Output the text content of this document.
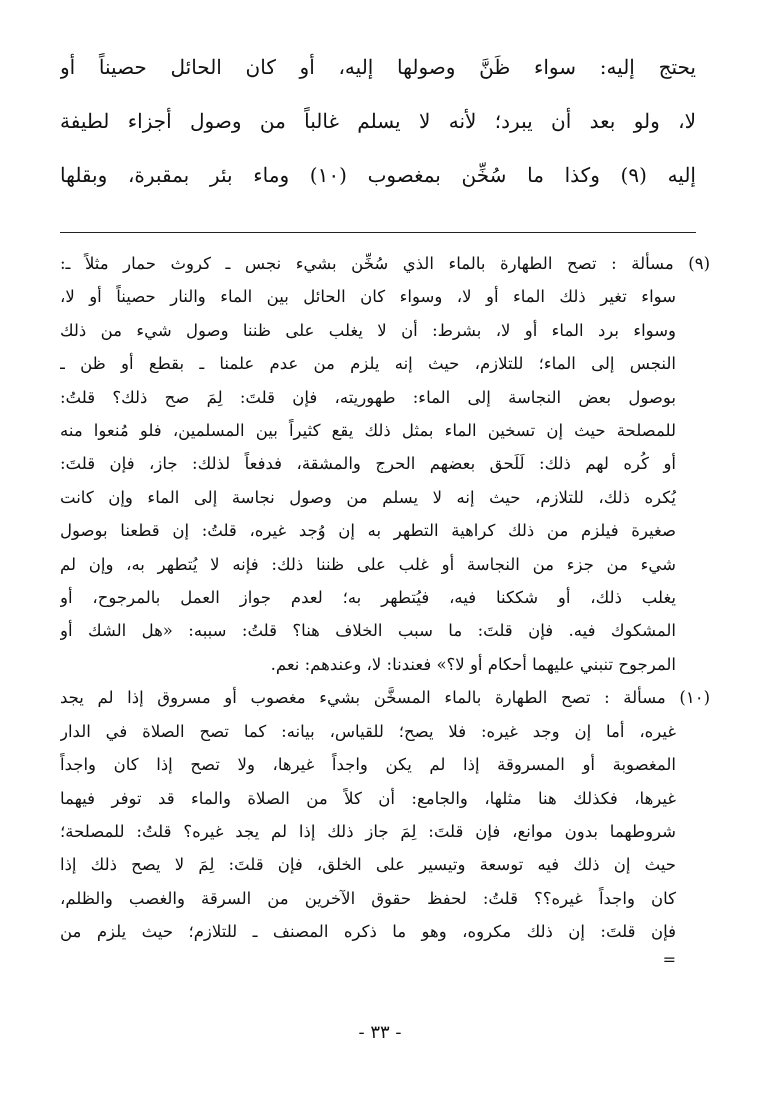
يحتج إليه: سواء ظَنَّ وصولها إليه، أو كان الحائل حصيناً أو
لا، ولو بعد أن يبرد؛ لأنه لا يسلم غالباً من وصول أجزاء لطيفة
إليه (٩) وكذا ما سُخِّن بمغصوب (١٠) وماء بئر بمقبرة، وبقلها
(٩) مسألة : تصح الطهارة بالماء الذي سُخِّن بشيء نجس ـ كروث حمار مثلاً ـ:
سواء تغير ذلك الماء أو لا، وسواء كان الحائل بين الماء والنار حصيناً أو لا،
وسواء برد الماء أو لا، بشرط: أن لا يغلب على ظننا وصول شيء من ذلك
النجس إلى الماء؛ للتلازم، حيث إنه يلزم من عدم علمنا ـ بقطع أو ظن ـ
بوصول بعض النجاسة إلى الماء: طهوريته، فإن قلتَ: لِمَ صح ذلك؟ قلتُ:
للمصلحة حيث إن تسخين الماء بمثل ذلك يقع كثيراً بين المسلمين، فلو مُنعوا منه
أو كُره لهم ذلك: لَلَحق بعضهم الحرج والمشقة، فدفعاً لذلك: جاز، فإن قلتَ:
يُكره ذلك، للتلازم، حيث إنه لا يسلم من وصول نجاسة إلى الماء وإن كانت
صغيرة فيلزم من ذلك كراهية التطهر به إن وُجد غيره، قلتُ: إن قطعنا بوصول
شيء من جزء من النجاسة أو غلب على ظننا ذلك: فإنه لا يُتطهر به، وإن لم
يغلب ذلك، أو شككنا فيه، فيُتطهر به؛ لعدم جواز العمل بالمرجوح، أو
المشكوك فيه. فإن قلتَ: ما سبب الخلاف هنا؟ قلتُ: سببه: «هل الشك أو
المرجوح تنبني عليهما أحكام أو لا؟» فعندنا: لا، وعندهم: نعم.
(١٠) مسألة : تصح الطهارة بالماء المسخَّن بشيء مغصوب أو مسروق إذا لم يجد
غيره، أما إن وجد غيره: فلا يصح؛ للقياس، بيانه: كما تصح الصلاة في الدار
المغصوبة أو المسروقة إذا لم يكن واجداً غيرها، ولا تصح إذا كان واجداً
غيرها، فكذلك هنا مثلها، والجامع: أن كلاً من الصلاة والماء قد توفر فيهما
شروطهما بدون موانع، فإن قلتَ: لِمَ جاز ذلك إذا لم يجد غيره؟ قلتُ: للمصلحة؛
حيث إن ذلك فيه توسعة وتيسير على الخلق، فإن قلتَ: لِمَ لا يصح ذلك إذا
كان واجداً غيره؟؟ قلتُ: لحفظ حقوق الآخرين من السرقة والغصب والظلم،
فإن قلتَ: إن ذلك مكروه، وهو ما ذكره المصنف ـ للتلازم؛ حيث يلزم من
=
- ٣٣ -
